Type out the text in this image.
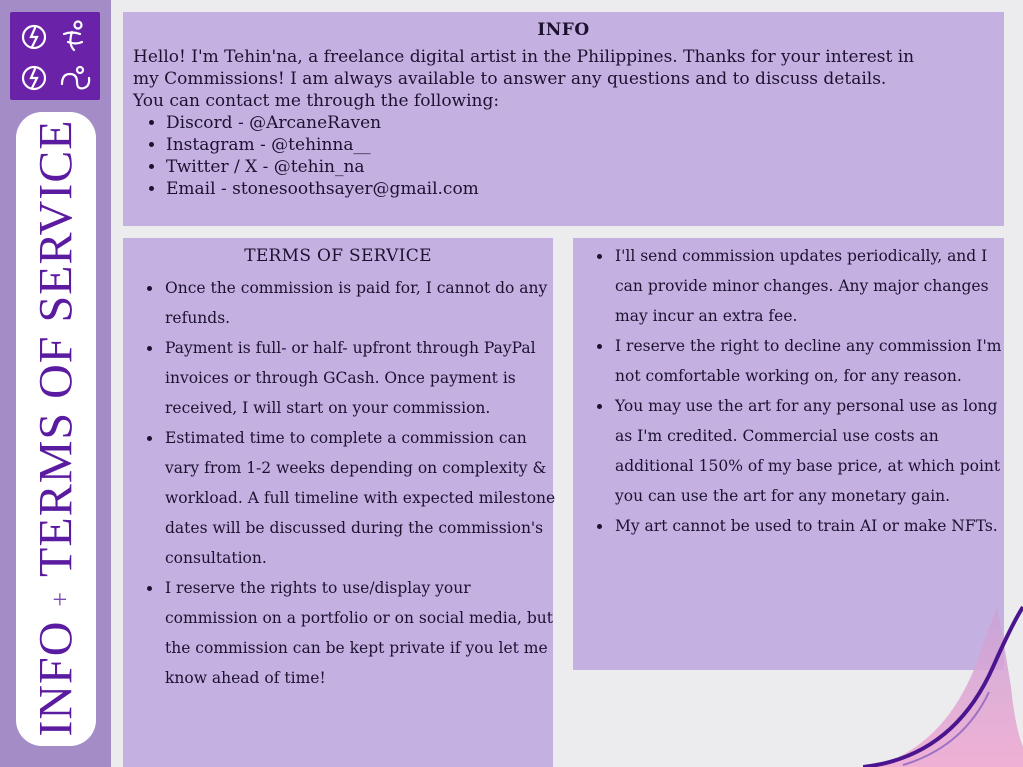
INFO+TERMS OF SERVICE
INFO

Hello! I'm Tehin'na, a freelance digital artist in the Philippines. Thanks for your interest in

my Commissions! I am always available to answer any questions and to discuss details.

You can contact me through the following:

• Discord - @ArcaneRaven
• Instagram - @tehinna__
• Twitter / X - @tehin_na
• Email - stonesoothsayer@gmail.com
TERMS OF SERVICE
• Once the commission is paid for, I cannot do any refunds.
• Payment is full- or half- upfront through PayPal invoices or through GCash. Once payment is received, I will start on your commission.
• Estimated time to complete a commission can vary from 1-2 weeks depending on complexity & workload. A full timeline with expected milestone dates will be discussed during the commission's consultation.
• I reserve the rights to use/display your commission on a portfolio or on social media, but the commission can be kept private if you let me know ahead of time!
• I'll send commission updates periodically, and I can provide minor changes. Any major changes may incur an extra fee.
• I reserve the right to decline any commission I'm not comfortable working on, for any reason.
• You may use the art for any personal use as long as I'm credited. Commercial use costs an additional 150% of my base price, at which point you can use the art for any monetary gain.
• My art cannot be used to train AI or make NFTs.
